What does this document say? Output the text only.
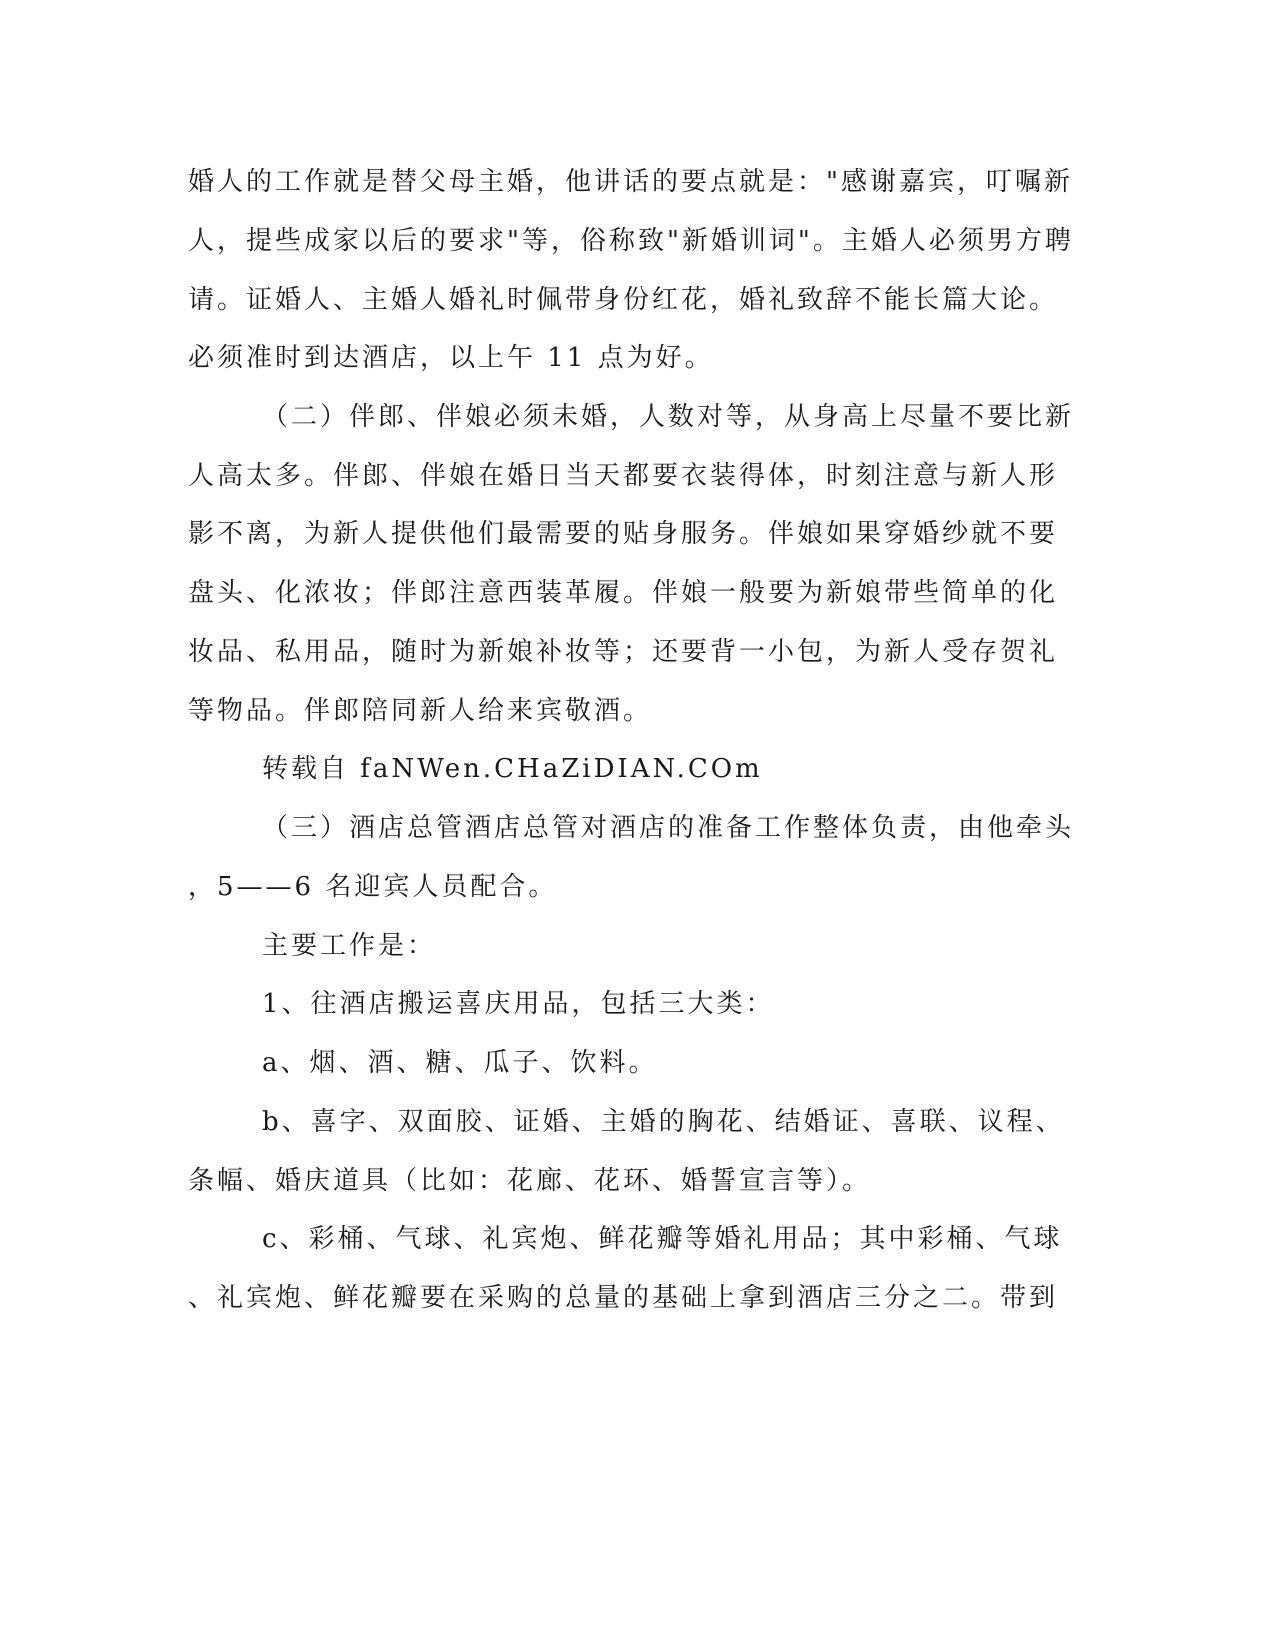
婚人的工作就是替父母主婚，他讲话的要点就是："感谢嘉宾，叮嘱新

人，提些成家以后的要求"等，俗称致"新婚训词"。主婚人必须男方聘

请。证婚人、主婚人婚礼时佩带身份红花，婚礼致辞不能长篇大论。

必须准时到达酒店，以上午 11 点为好。

（二）伴郎、伴娘必须未婚，人数对等，从身高上尽量不要比新

人高太多。伴郎、伴娘在婚日当天都要衣装得体，时刻注意与新人形

影不离，为新人提供他们最需要的贴身服务。伴娘如果穿婚纱就不要

盘头、化浓妆；伴郎注意西装革履。伴娘一般要为新娘带些简单的化

妆品、私用品，随时为新娘补妆等；还要背一小包，为新人受存贺礼

等物品。伴郎陪同新人给来宾敬酒。

转载自 faNWen.CHaZiDIAN.COm

（三）酒店总管酒店总管对酒店的准备工作整体负责，由他牵头

，5——6 名迎宾人员配合。

主要工作是：

1、往酒店搬运喜庆用品，包括三大类：

a、烟、酒、糖、瓜子、饮料。

b、喜字、双面胶、证婚、主婚的胸花、结婚证、喜联、议程、

条幅、婚庆道具（比如：花廊、花环、婚誓宣言等）。

c、彩桶、气球、礼宾炮、鲜花瓣等婚礼用品；其中彩桶、气球

、礼宾炮、鲜花瓣要在采购的总量的基础上拿到酒店三分之二。带到
